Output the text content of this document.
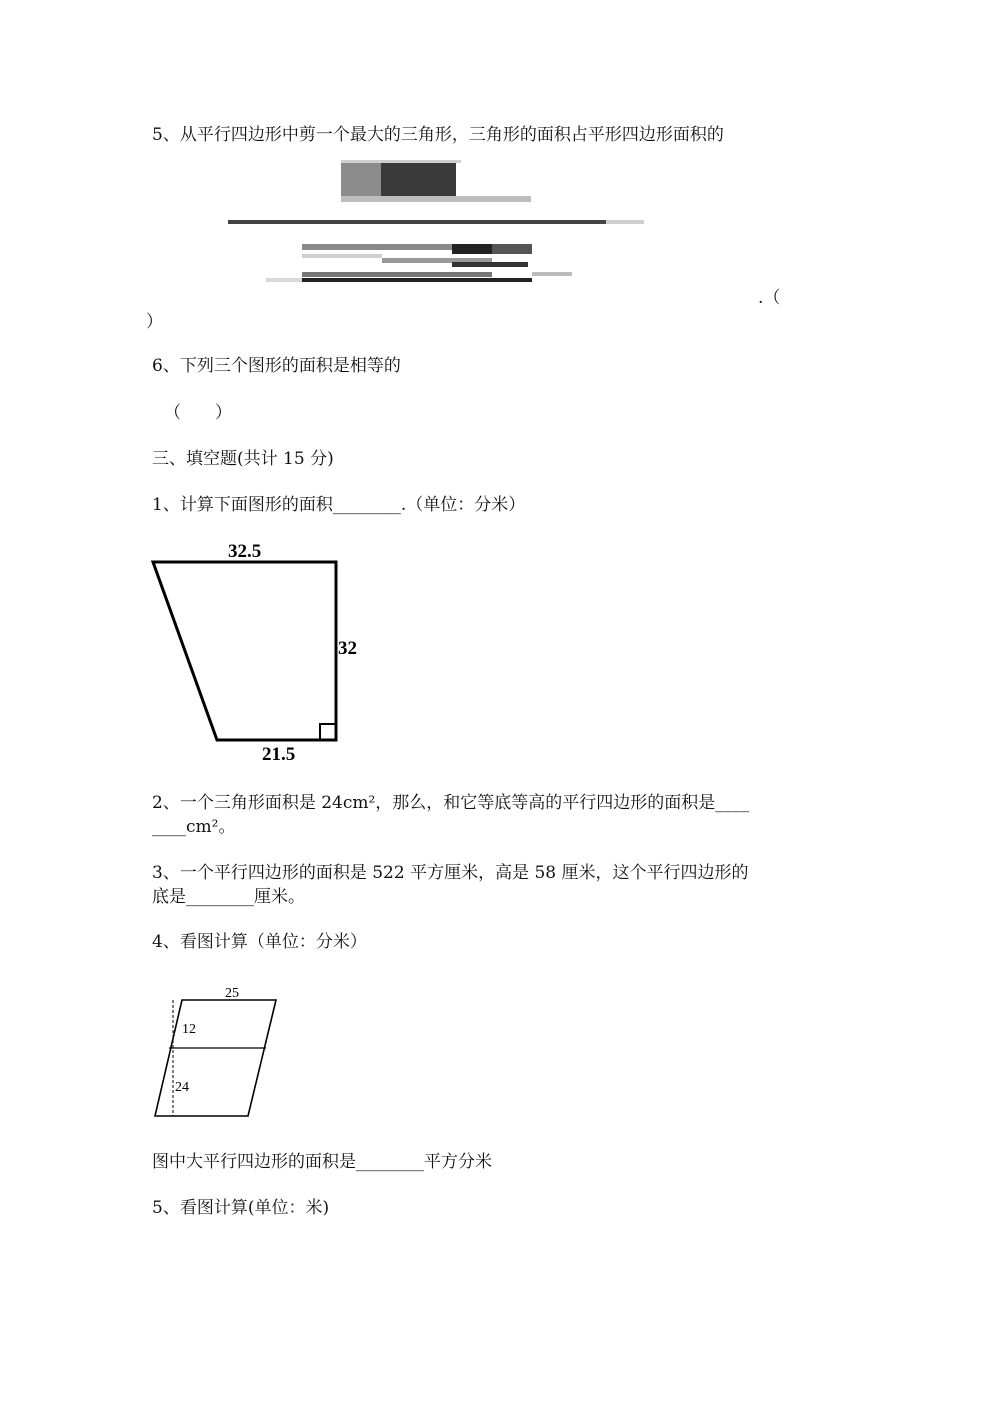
5、从平行四边形中剪一个最大的三角形，三角形的面积占平形四边形面积的
.（
）
6、下列三个图形的面积是相等的
（　　）
三、填空题(共计 15 分)
1、计算下面图形的面积________.（单位：分米）
32.5
32
21.5
2、一个三角形面积是 24cm²，那么，和它等底等高的平行四边形的面积是____
____cm²。
3、一个平行四边形的面积是 522 平方厘米，高是 58 厘米，这个平行四边形的
底是________厘米。
4、看图计算（单位：分米）
25
12
24
图中大平行四边形的面积是________平方分米
5、看图计算(单位：米)
